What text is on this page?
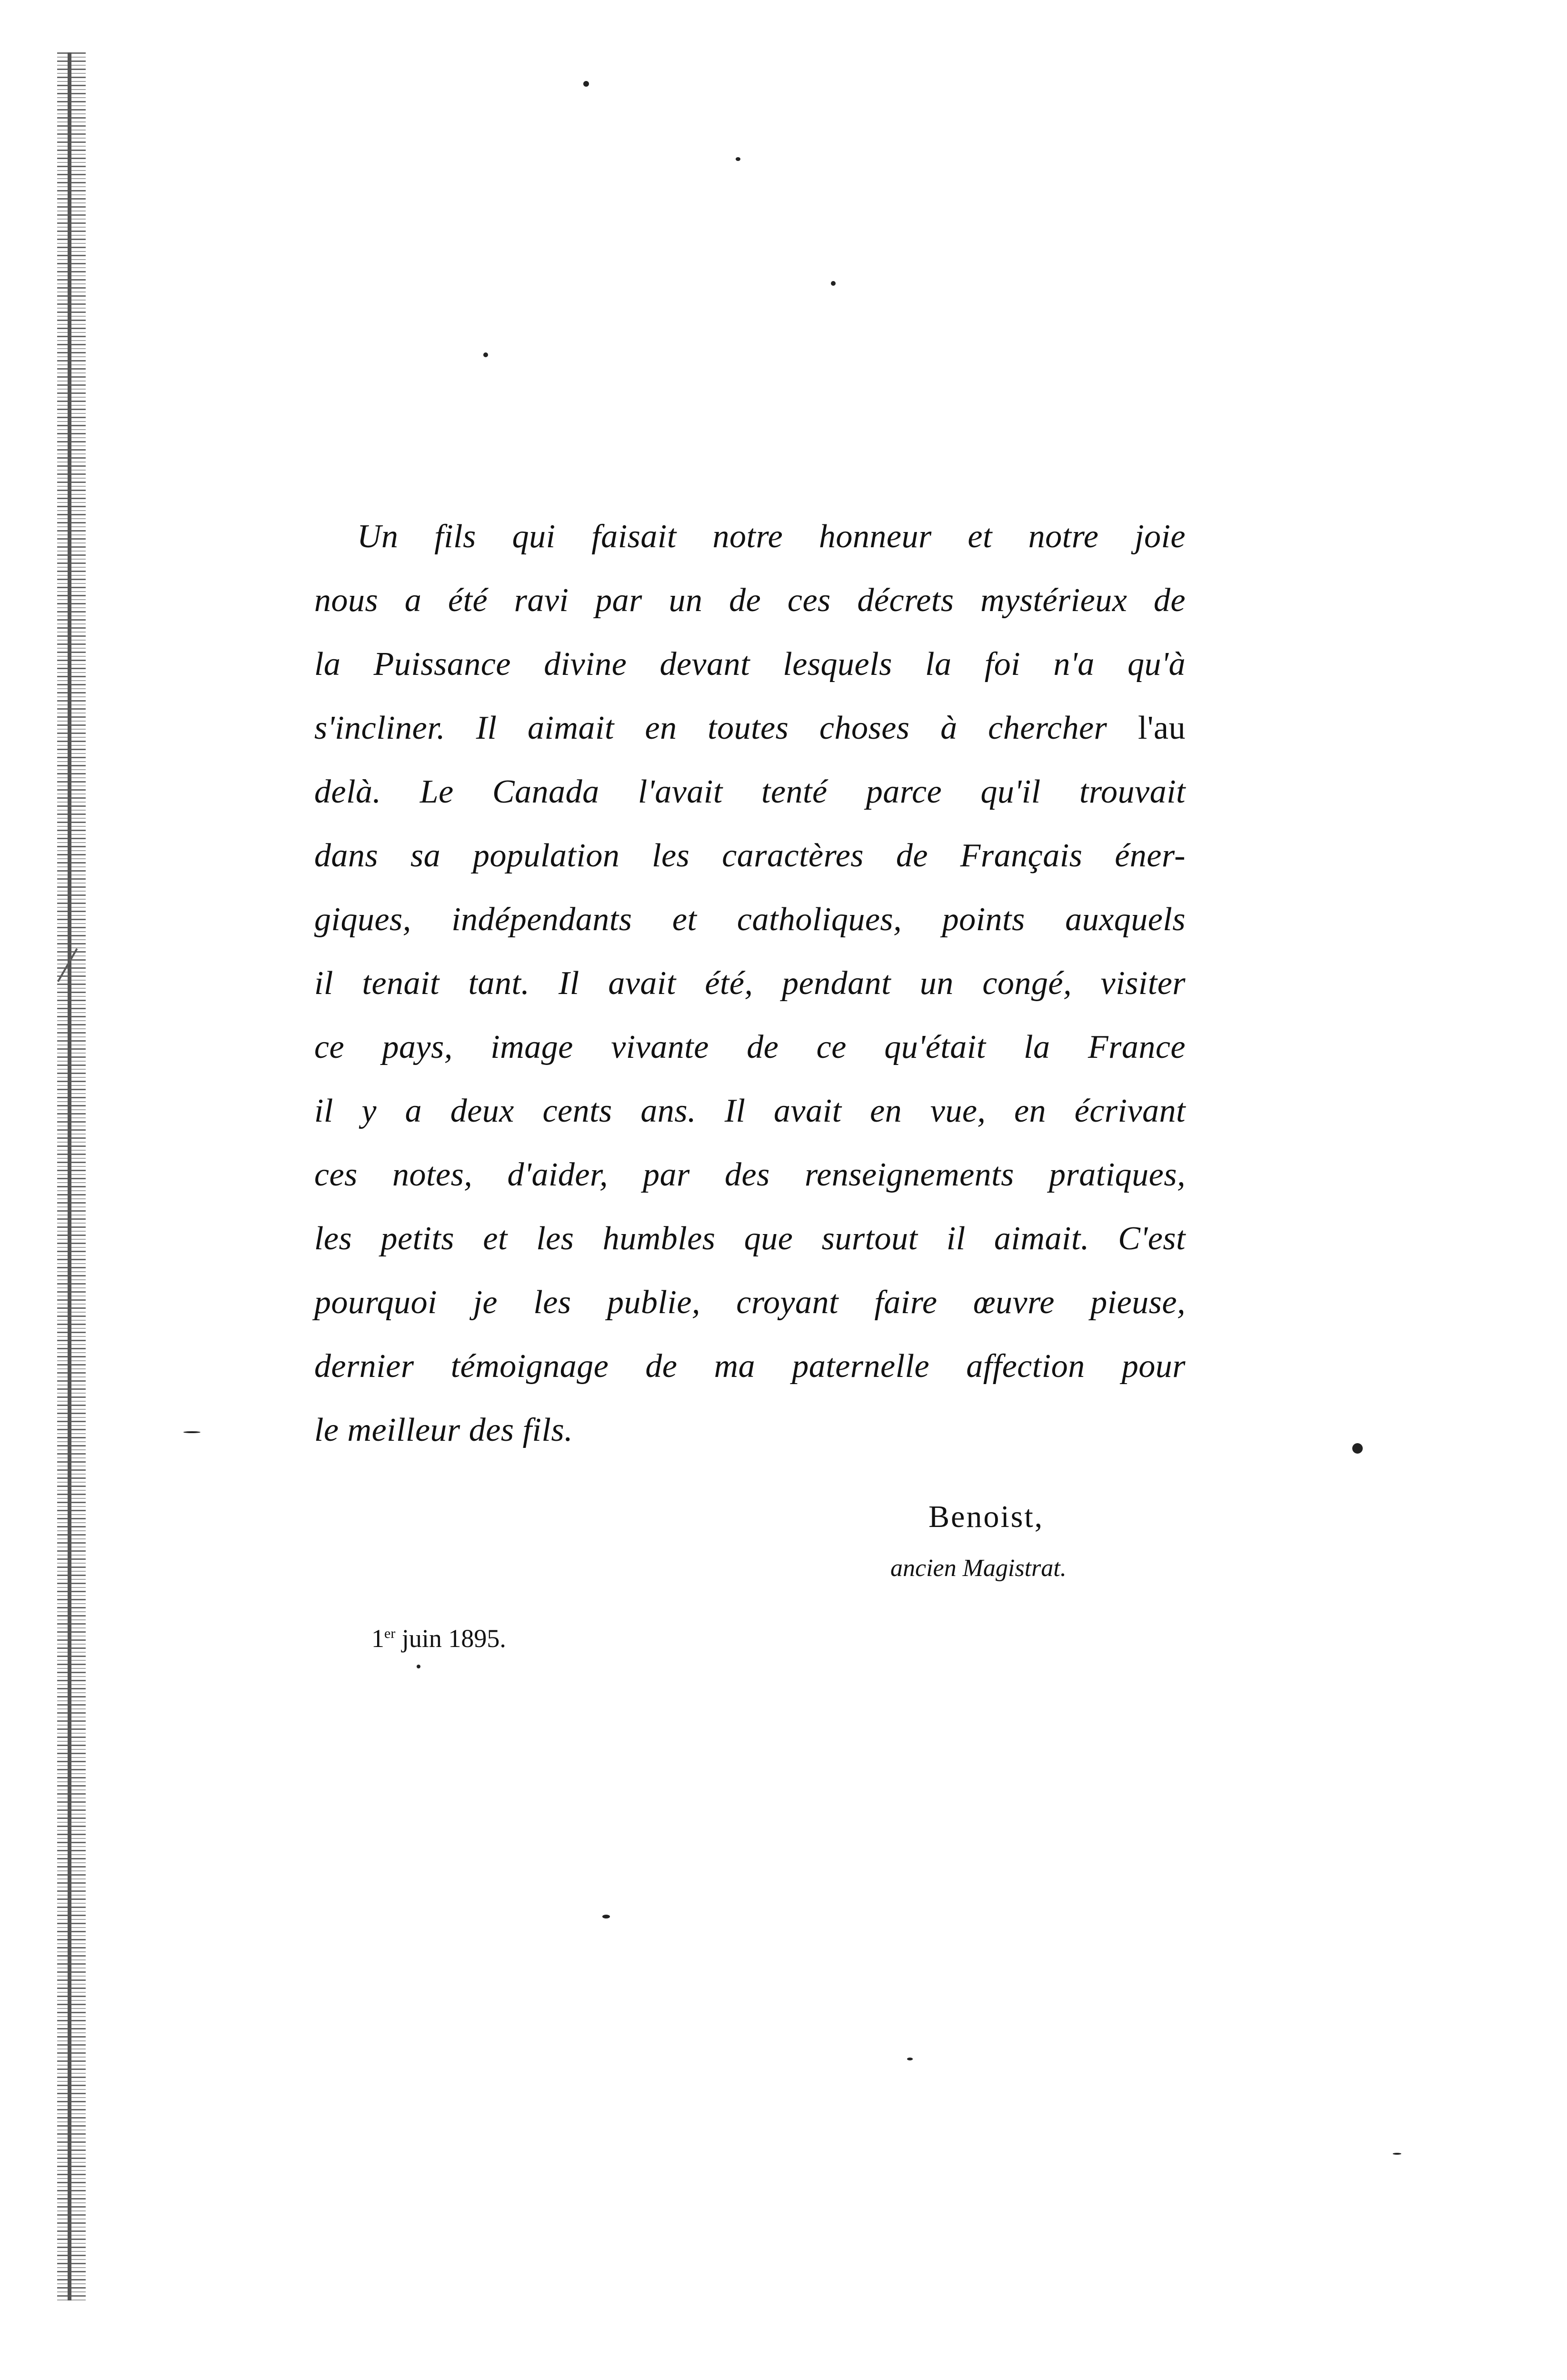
Un fils qui faisait notre honneur et notre joie
nous a été ravi par un de ces décrets mystérieux de
la Puissance divine devant lesquels la foi n'a qu'à
s'incliner. Il aimait en toutes choses à chercher l'au
delà. Le Canada l'avait tenté parce qu'il trouvait
dans sa population les caractères de Français éner-
giques, indépendants et catholiques, points auxquels
il tenait tant. Il avait été, pendant un congé, visiter
ce pays, image vivante de ce qu'était la France
il y a deux cents ans. Il avait en vue, en écrivant
ces notes, d'aider, par des renseignements pratiques,
les petits et les humbles que surtout il aimait. C'est
pourquoi je les publie, croyant faire œuvre pieuse,
dernier témoignage de ma paternelle affection pour
le meilleur des fils.
Benoist,
ancien Magistrat.
1er juin 1895.
